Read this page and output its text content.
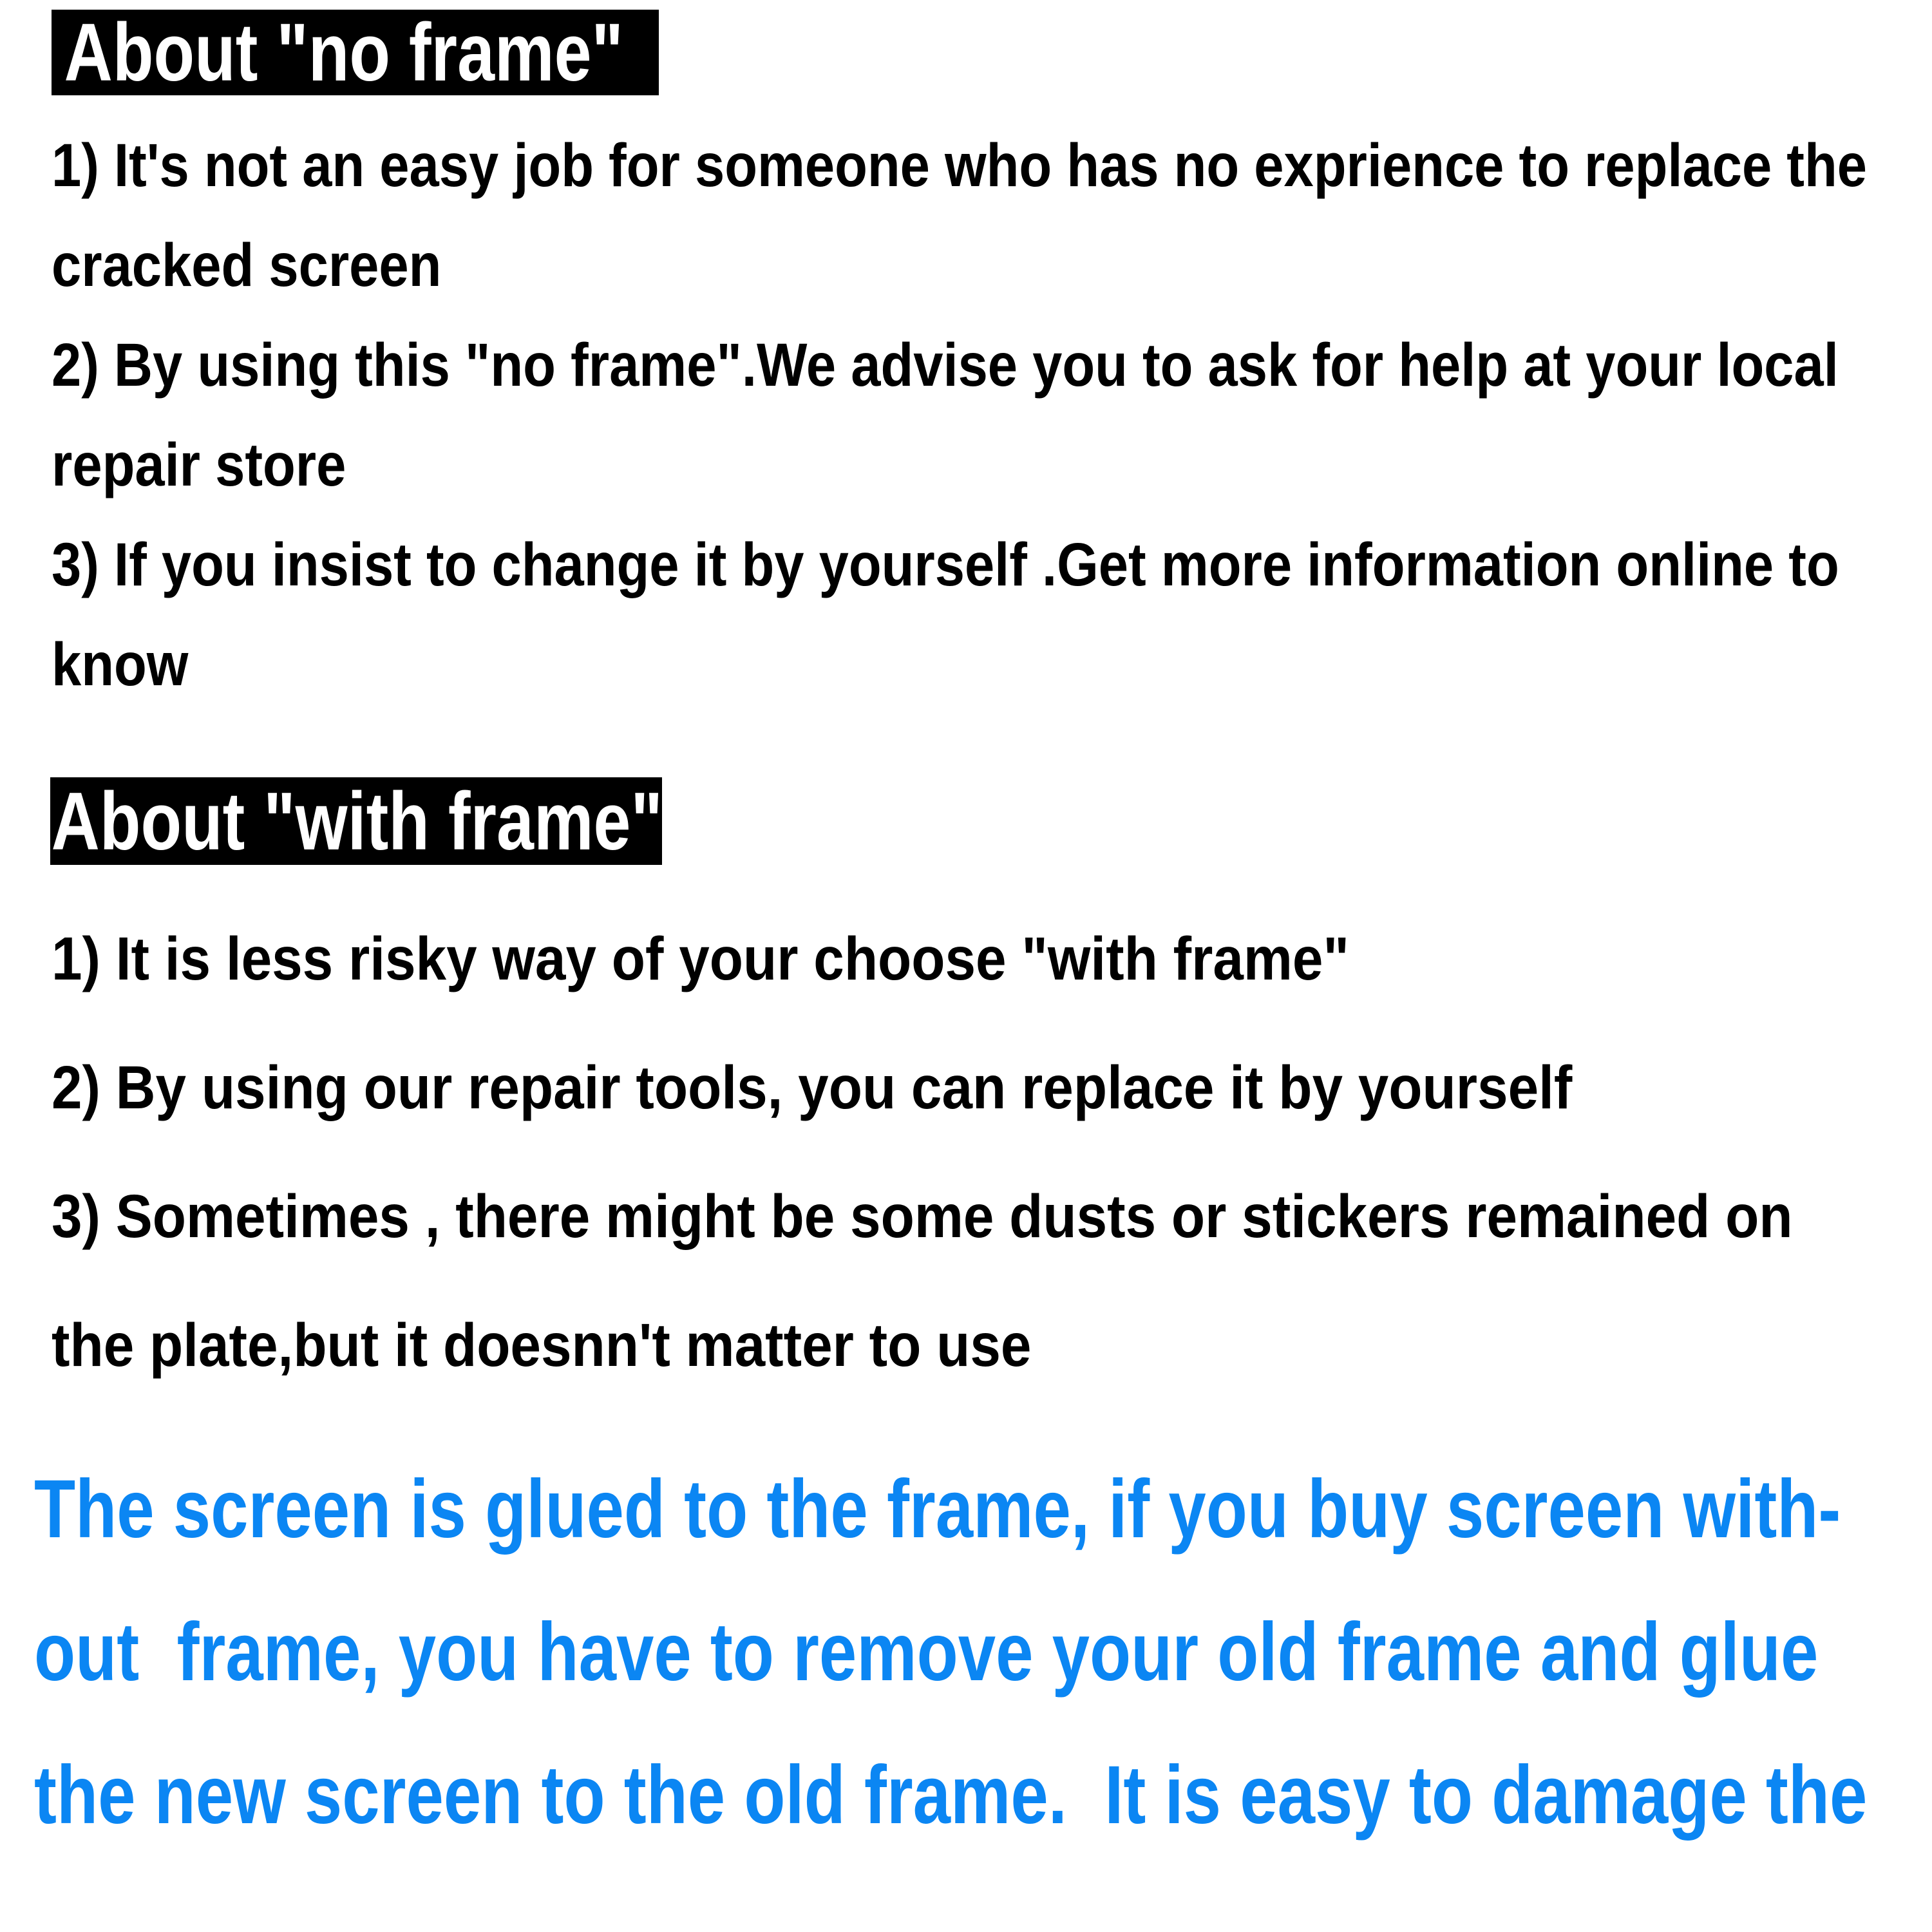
About "no frame"
1) It's not an easy job for someone who has no exprience to replace the
cracked screen
2) By using this "no frame".We advise you to ask for help at your local
repair store
3) If you insist to change it by yourself .Get more information online to
know
About "with frame"
1) It is less risky way of your choose "with frame"
2) By using our repair tools, you can replace it by yourself
3) Sometimes , there might be some dusts or stickers remained on
the plate,but it doesnn't matter to use
The screen is glued to the frame, if you buy screen with-
out  frame, you have to remove your old frame and glue
the new screen to the old frame.  It is easy to damage the
